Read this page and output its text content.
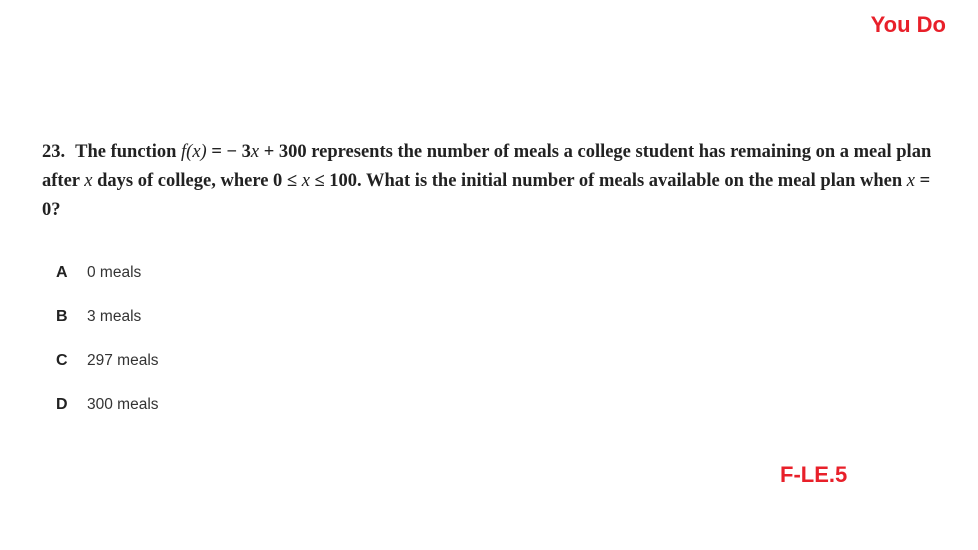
You Do
23. The function f(x) = − 3x + 300 represents the number of meals a college student has remaining on a meal plan after x days of college, where 0 ≤ x ≤ 100. What is the initial number of meals available on the meal plan when x = 0?
A	0 meals
B	3 meals
C	297 meals
D	300 meals
F-LE.5
